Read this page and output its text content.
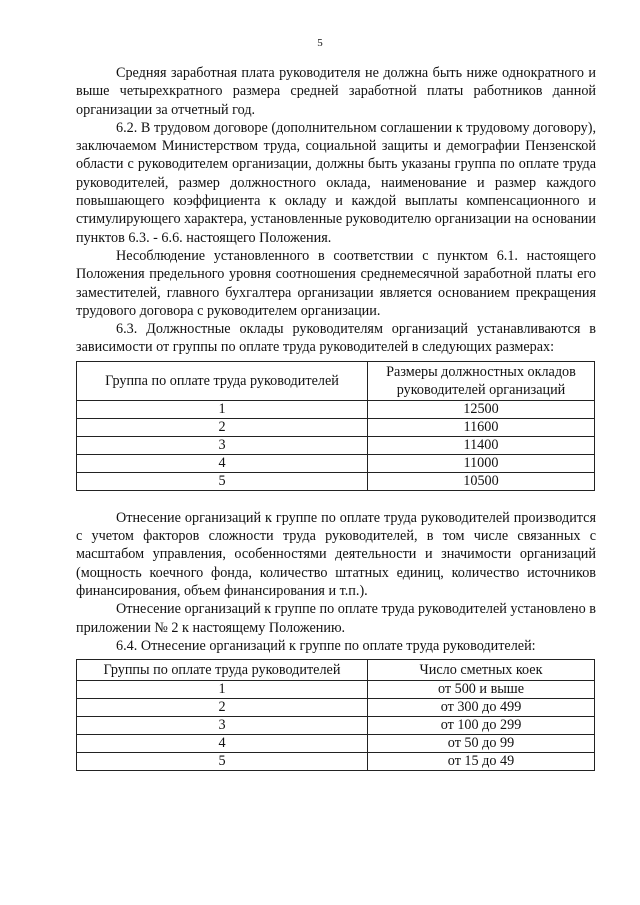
5

Средняя заработная плата руководителя не должна быть ниже однократного и выше четырехкратного размера средней заработной платы работников данной организации за отчетный год.

6.2. В трудовом договоре (дополнительном соглашении к трудовому договору), заключаемом Министерством труда, социальной защиты и демографии Пензенской области с руководителем организации, должны быть указаны группа по оплате труда руководителей, размер должностного оклада, наименование и размер каждого повышающего коэффициента к окладу и каждой выплаты компенсационного и стимулирующего характера, установленные руководителю организации на основании пунктов 6.3. - 6.6. настоящего Положения.

Несоблюдение установленного в соответствии с пунктом 6.1. настоящего Положения предельного уровня соотношения среднемесячной заработной платы его заместителей, главного бухгалтера организации является основанием прекращения трудового договора с руководителем организации.

6.3. Должностные оклады руководителям организаций устанавливаются в зависимости от группы по оплате труда руководителей в следующих размерах:

Группа по оплате труда руководителей	Размеры должностных окладов руководителей организаций
1	12500
2	11600
3	11400
4	11000
5	10500

Отнесение организаций к группе по оплате труда руководителей производится с учетом факторов сложности труда руководителей, в том числе связанных с масштабом управления, особенностями деятельности и значимости организаций (мощность коечного фонда, количество штатных единиц, количество источников финансирования, объем финансирования и т.п.).

Отнесение организаций к группе по оплате труда руководителей установлено в приложении № 2 к настоящему Положению.

6.4. Отнесение организаций к группе по оплате труда руководителей:

Группы по оплате труда руководителей	Число сметных коек
1	от 500 и выше
2	от 300 до 499
3	от 100 до 299
4	от 50 до 99
5	от 15 до 49
